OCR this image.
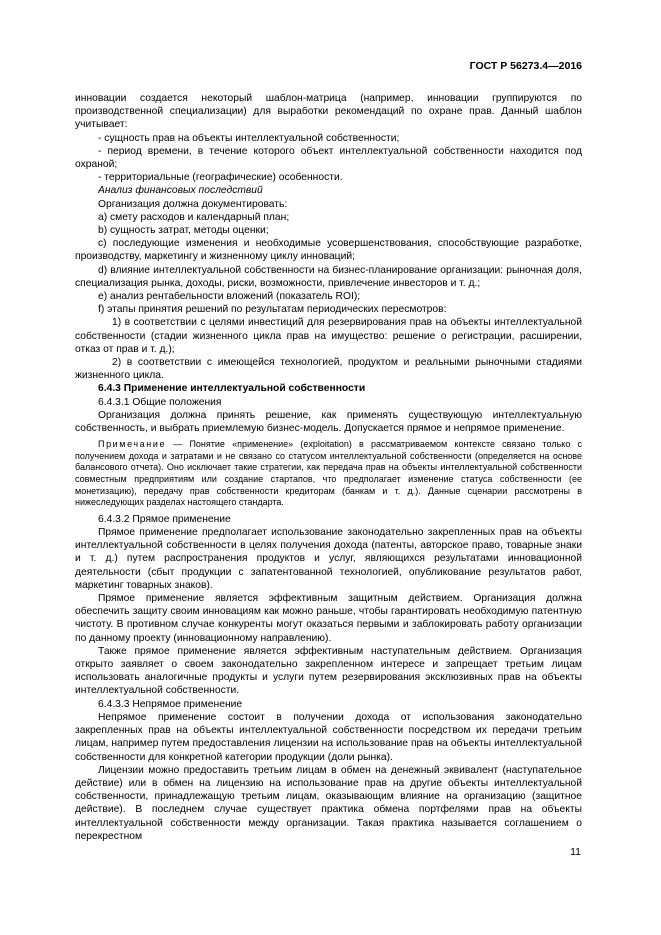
ГОСТ Р 56273.4—2016

инновации создается некоторый шаблон-матрица (например, инновации группируются по производственной специализации) для выработки рекомендаций по охране прав. Данный шаблон учитывает:

- сущность прав на объекты интеллектуальной собственности;

- период времени, в течение которого объект интеллектуальной собственности находится под охраной;

- территориальные (географические) особенности.

Анализ финансовых последствий

Организация должна документировать:

a) смету расходов и календарный план;

b) сущность затрат, методы оценки;

c) последующие изменения и необходимые усовершенствования, способствующие разработке, производству, маркетингу и жизненному циклу инноваций;

d) влияние интеллектуальной собственности на бизнес-планирование организации: рыночная доля, специализация рынка, доходы, риски, возможности, привлечение инвесторов и т. д.;

e) анализ рентабельности вложений (показатель ROI);

f) этапы принятия решений по результатам периодических пересмотров:

1) в соответствии с целями инвестиций для резервирования прав на объекты интеллектуальной собственности (стадии жизненного цикла прав на имущество: решение о регистрации, расширении, отказ от прав и т. д.);

2) в соответствии с имеющейся технологией, продуктом и реальными рыночными стадиями жизненного цикла.

6.4.3 Применение интеллектуальной собственности

6.4.3.1 Общие положения

Организация должна принять решение, как применять существующую интеллектуальную собственность, и выбрать приемлемую бизнес-модель. Допускается прямое и непрямое применение.

Примечание — Понятие «применение» (exploitation) в рассматриваемом контексте связано только с получением дохода и затратами и не связано со статусом интеллектуальной собственности (определяется на основе балансового отчета). Оно исключает такие стратегии, как передача прав на объекты интеллектуальной собственности совместным предприятиям или создание стартапов, что предполагает изменение статуса собственности (ее монетизацию), передачу прав собственности кредиторам (банкам и т. д.). Данные сценарии рассмотрены в нижеследующих разделах настоящего стандарта.

6.4.3.2 Прямое применение

Прямое применение предполагает использование законодательно закрепленных прав на объекты интеллектуальной собственности в целях получения дохода (патенты, авторское право, товарные знаки и т. д.) путем распространения продуктов и услуг, являющихся результатами инновационной деятельности (сбыт продукции с запатентованной технологией, опубликование результатов работ, маркетинг товарных знаков).

Прямое применение является эффективным защитным действием. Организация должна обеспечить защиту своим инновациям как можно раньше, чтобы гарантировать необходимую патентную чистоту. В противном случае конкуренты могут оказаться первыми и заблокировать работу организации по данному проекту (инновационному направлению).

Также прямое применение является эффективным наступательным действием. Организация открыто заявляет о своем законодательно закрепленном интересе и запрещает третьим лицам использовать аналогичные продукты и услуги путем резервирования эксклюзивных прав на объекты интеллектуальной собственности.

6.4.3.3 Непрямое применение

Непрямое применение состоит в получении дохода от использования законодательно закрепленных прав на объекты интеллектуальной собственности посредством их передачи третьим лицам, например путем предоставления лицензии на использование прав на объекты интеллектуальной собственности для конкретной категории продукции (доли рынка).

Лицензии можно предоставить третьим лицам в обмен на денежный эквивалент (наступательное действие) или в обмен на лицензию на использование прав на другие объекты интеллектуальной собственности, принадлежащую третьим лицам, оказывающим влияние на организацию (защитное действие). В последнем случае существует практика обмена портфелями прав на объекты интеллектуальной собственности между организации. Такая практика называется соглашением о перекрестном

11
